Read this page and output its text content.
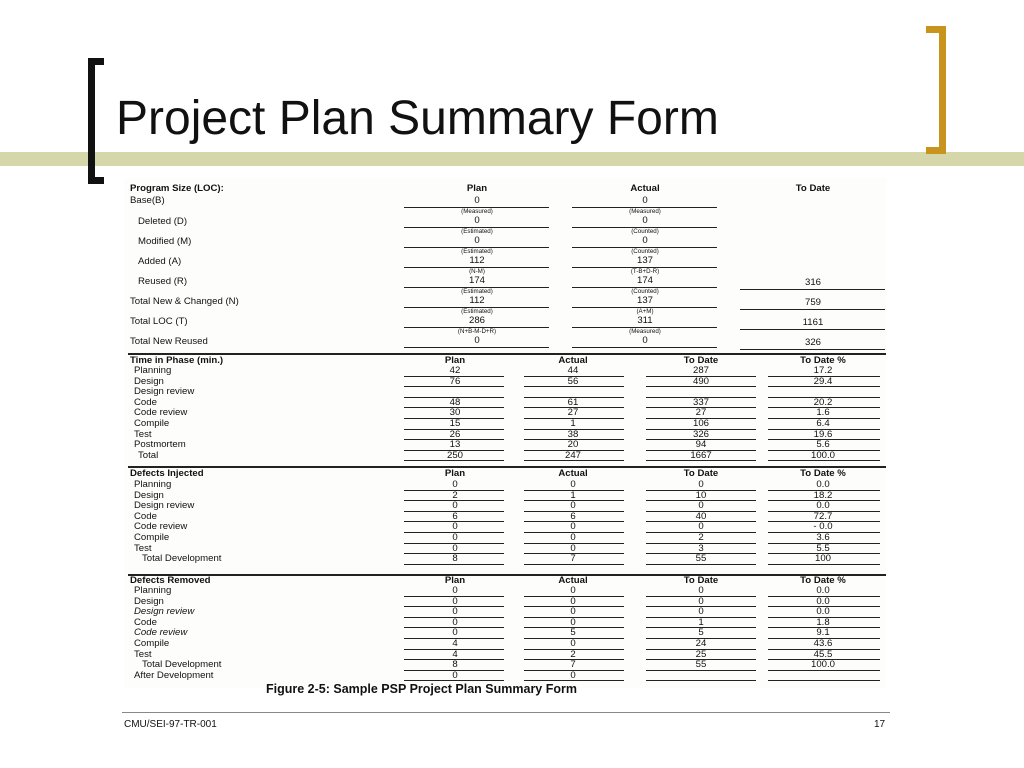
Project Plan Summary Form
Program Size (LOC):	Plan	Actual	To Date
Base(B)	0	0
(Measured)	(Measured)
Deleted (D)	0	0
(Estimated)	(Counted)
Modified (M)	0	0
(Estimated)	(Counted)
Added (A)	112	137
(N-M)	(T-B+D-R)
Reused (R)	174	174	316
(Estimated)	(Counted)
Total New & Changed (N)	112	137	759
(Estimated)	(A+M)
Total LOC (T)	286	311	1161
(N+B-M-D+R)	(Measured)
Total New Reused	0	0	326
Time in Phase (min.)	Plan	Actual	To Date	To Date %
Planning	42	44	287	17.2
Design	76	56	490	29.4
Design review
Code	48	61	337	20.2
Code review	30	27	27	1.6
Compile	15	1	106	6.4
Test	26	38	326	19.6
Postmortem	13	20	94	5.6
Total	250	247	1667	100.0
Defects Injected	Plan	Actual	To Date	To Date %
Planning	0	0	0	0.0
Design	2	1	10	18.2
Design review	0	0	0	0.0
Code	6	6	40	72.7
Code review	0	0	0	- 0.0
Compile	0	0	2	3.6
Test	0	0	3	5.5
Total Development	8	7	55	100
Defects Removed	Plan	Actual	To Date	To Date %
Planning	0	0	0	0.0
Design	0	0	0	0.0
Design review	0	0	0	0.0
Code	0	0	1	1.8
Code review	0	5	5	9.1
Compile	4	0	24	43.6
Test	4	2	25	45.5
Total Development	8	7	55	100.0
After Development	0	0
Figure 2-5: Sample PSP Project Plan Summary Form
CMU/SEI-97-TR-001	17
